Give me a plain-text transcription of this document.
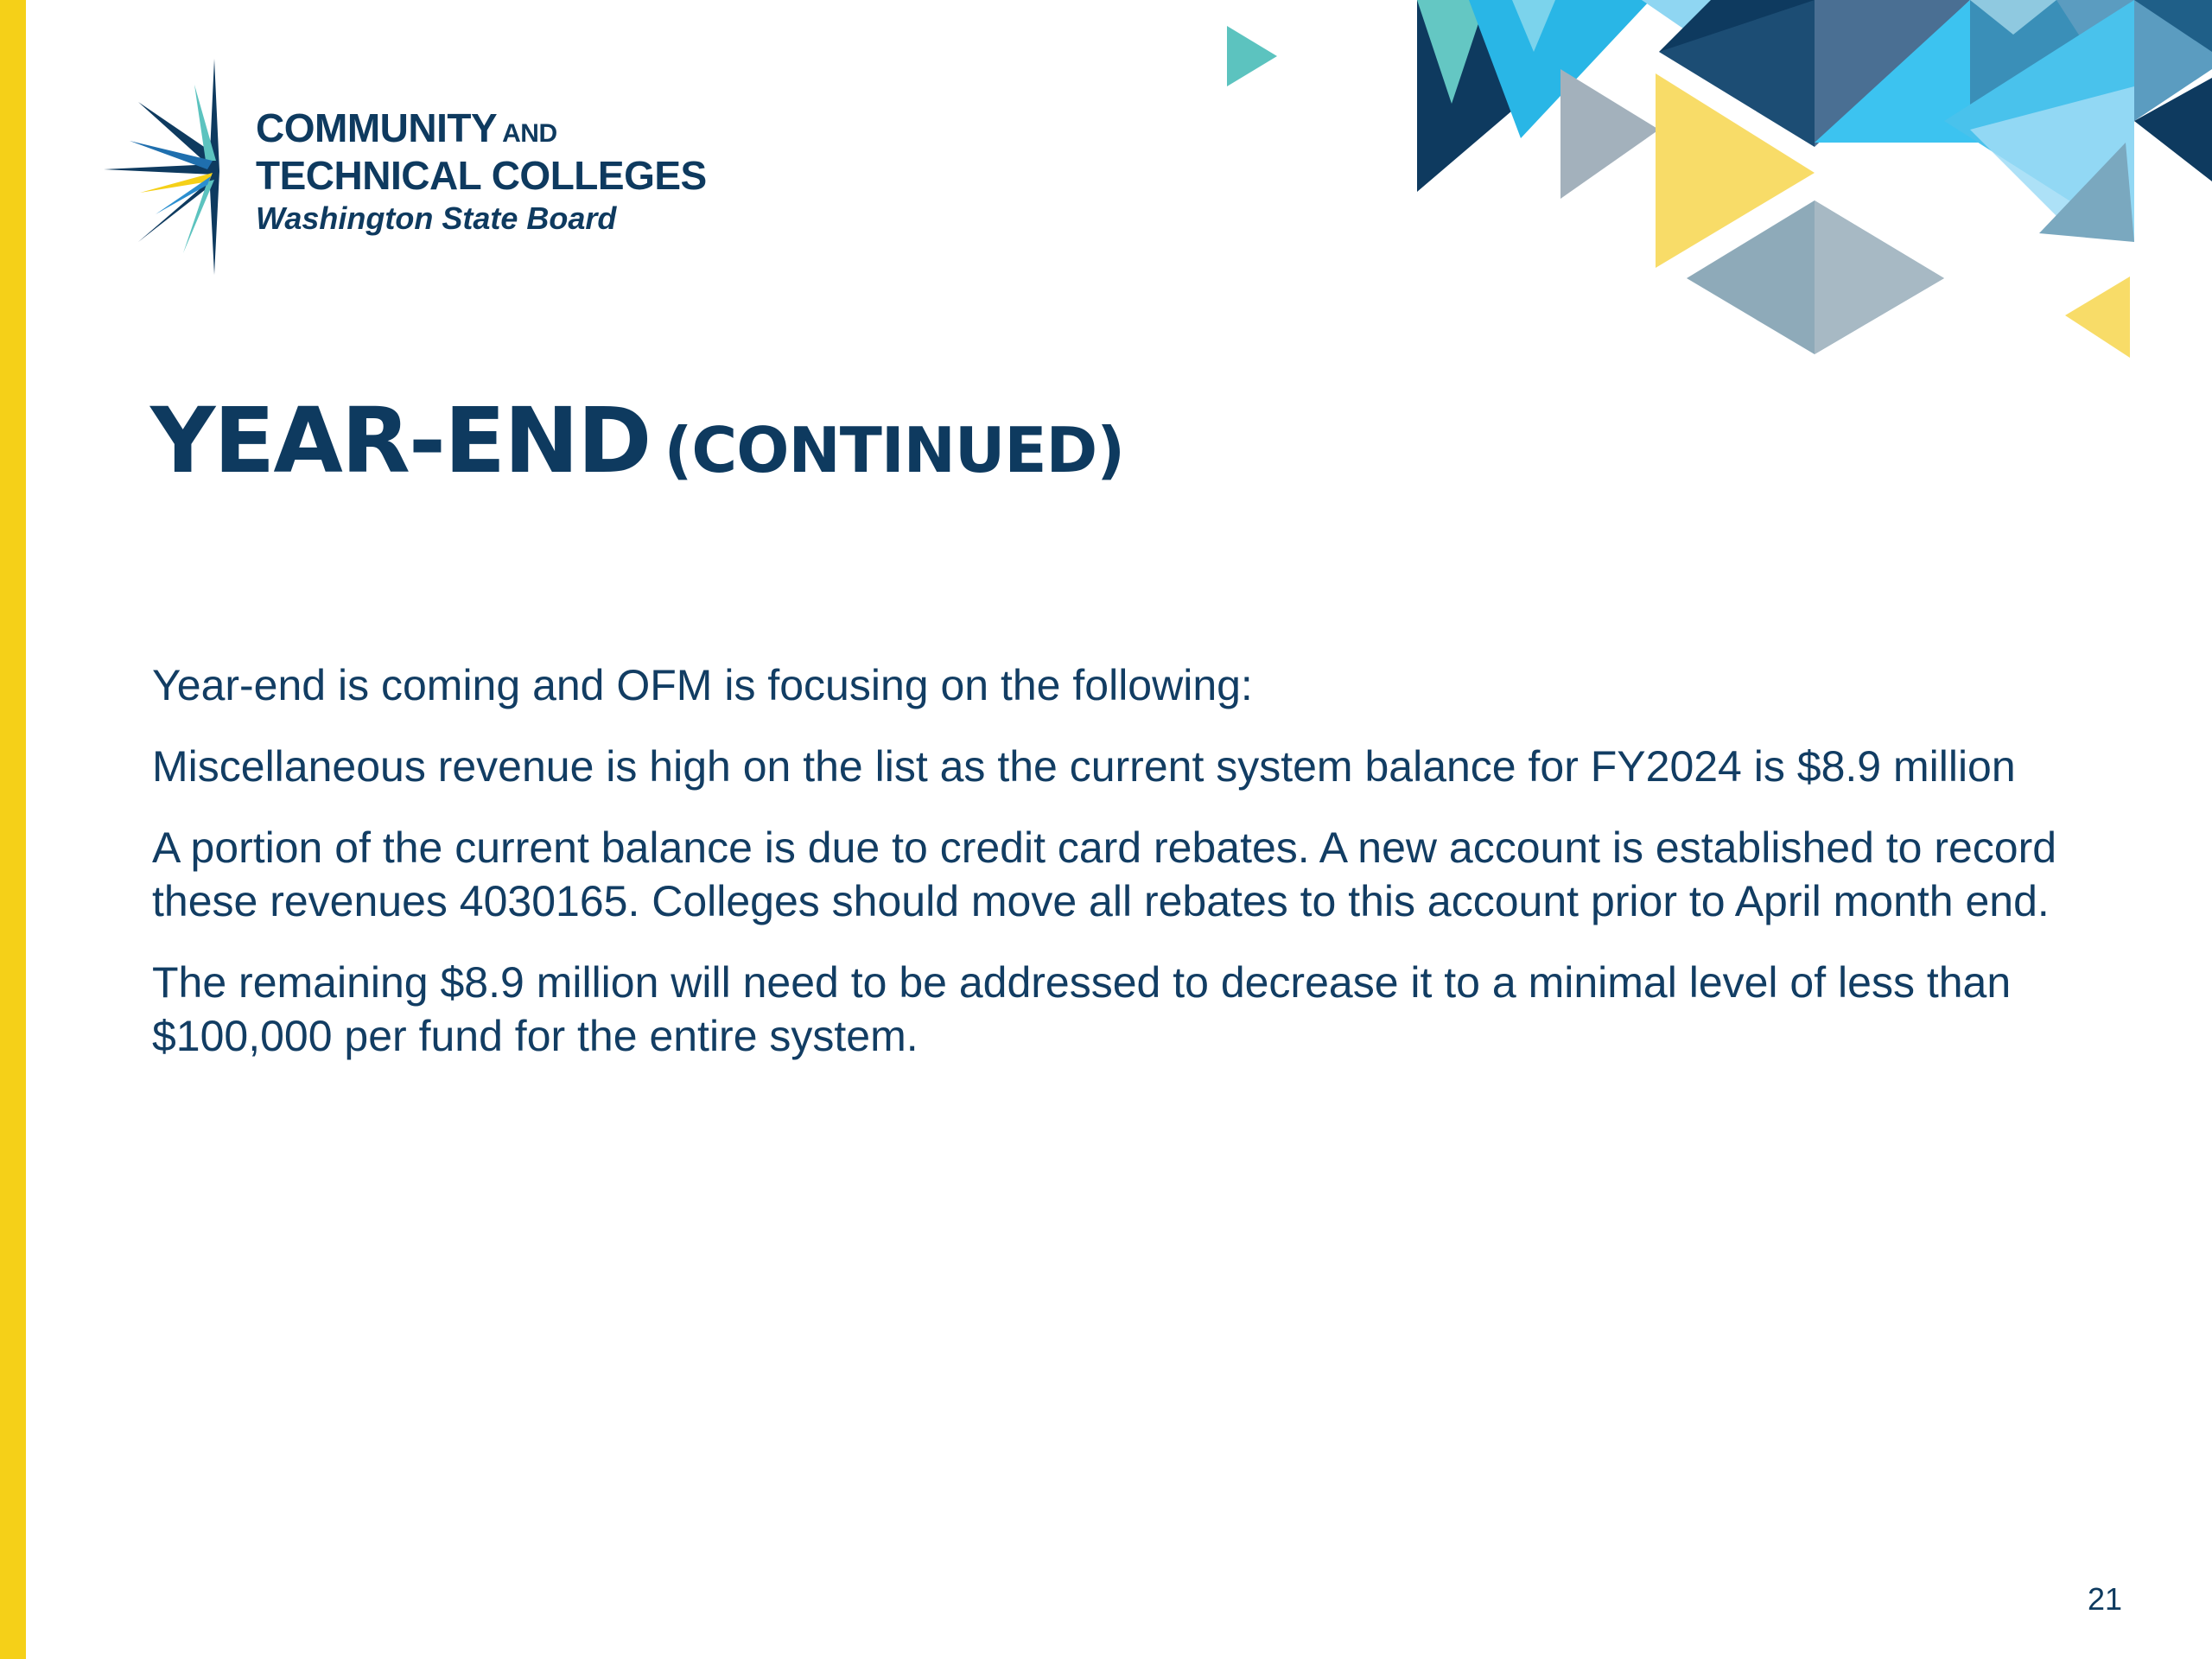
COMMUNITY AND
TECHNICAL COLLEGES
Washington State Board
YEAR-END (CONTINUED)

Year-end is coming and OFM is focusing on the following:

Miscellaneous revenue is high on the list as the current system balance for FY2024 is $8.9 million

A portion of the current balance is due to credit card rebates. A new account is established to record these revenues 4030165. Colleges should move all rebates to this account prior to April month end.

The remaining $8.9 million will need to be addressed to decrease it to a minimal level of less than $100,000 per fund for the entire system.

21
